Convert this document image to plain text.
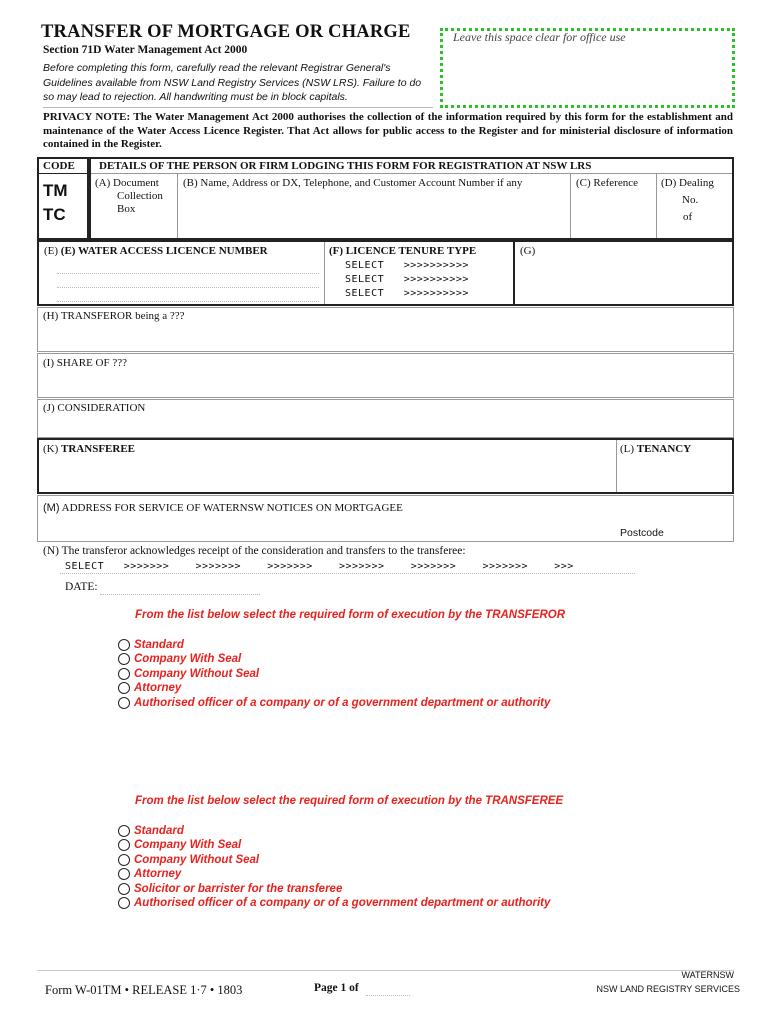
TRANSFER OF MORTGAGE OR CHARGE
Section 71D Water Management Act 2000
Leave this space clear for office use
Before completing this form, carefully read the relevant Registrar General's Guidelines available from NSW Land Registry Services (NSW LRS). Failure to do so may lead to rejection. All handwriting must be in block capitals.
PRIVACY NOTE: The Water Management Act 2000 authorises the collection of the information required by this form for the establishment and maintenance of the Water Access Licence Register. That Act allows for public access to the Register and for ministerial disclosure of information contained in the Register.
CODE
TM
TC
DETAILS OF THE PERSON OR FIRM LODGING THIS FORM FOR REGISTRATION AT NSW LRS
(A) Document
Collection
Box
(B) Name, Address or DX, Telephone, and Customer Account Number if any	(C) Reference (D) Dealing
No.
of
(E) (E) WATER ACCESS LICENCE NUMBER	(F) LICENCE TENURE TYPE
SELECT >>>>>>>>>>
SELECT >>>>>>>>>>
SELECT >>>>>>>>>>
(G)
(H) TRANSFEROR being a ???
(I) SHARE OF ???
(J) CONSIDERATION
(K) TRANSFEREE	(L) TENANCY
(M) ADDRESS FOR SERVICE OF WATERNSW NOTICES ON MORTGAGEE
Postcode
(N) The transferor acknowledges receipt of the consideration and transfers to the transferee:
SELECT >>>>>>>	>>>>>>>	>>>>>>>	>>>>>>>	>>>>>>>	>>>>>>>	>>>
DATE:
From the list below select the required form of execution by the TRANSFEROR
Standard
Company With Seal
Company Without Seal
Attorney
Authorised officer of a company or of a government department or authority
From the list below select the required form of execution by the TRANSFEREE
Standard
Company With Seal
Company Without Seal
Attorney
Solicitor or barrister for the transferee
Authorised officer of a company or of a government department or authority
Form W-01TM • RELEASE 1·7 • 1803	Page 1 of
WATERNSW
NSW LAND REGISTRY SERVICES
